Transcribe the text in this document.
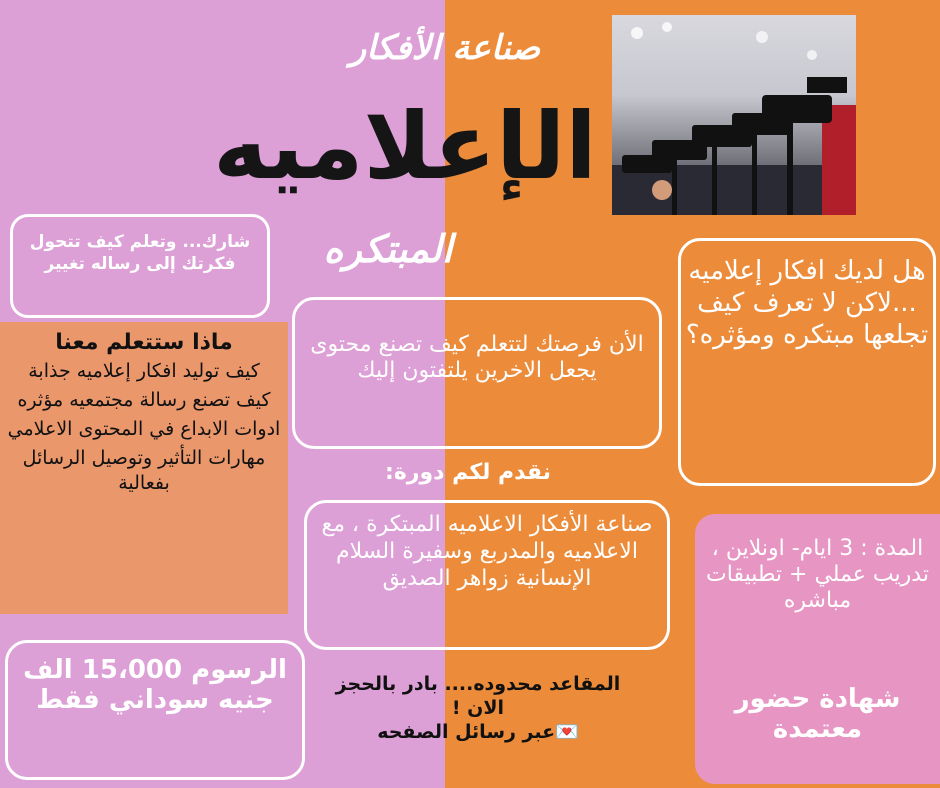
صناعة الأفكار
الإعلاميه
المبتكره
شارك... وتعلم كيف تتحول فكرتك إلى رساله تغيير
ماذا ستتعلم معنا
كيف توليد افكار إعلاميه جذابة
كيف تصنع رسالة مجتمعيه مؤثره
ادوات الابداع في المحتوى الاعلامي
مهارات التأثير وتوصيل الرسائل بفعالية
الأن فرصتك لتتعلم كيف تصنع محتوى يجعل الاخرين يلتفتون إليك
هل لديك افكار إعلاميه ...لاكن لا تعرف كيف تجلعها مبتكره ومؤثره؟
نقدم لكم دورة:
صناعة الأفكار الاعلاميه المبتكرة ، مع الاعلاميه والمدربع وسفيرة السلام الإنسانية زواهر الصديق
المدة : 3 ايام- اونلاين ، تدريب عملي + تطبيقات مباشره
شهادة حضور معتمدة
الرسوم 15،000 الف جنيه سوداني فقط
المقاعد محدوده.... بادر بالحجز الان !
💌عبر رسائل الصفحه
